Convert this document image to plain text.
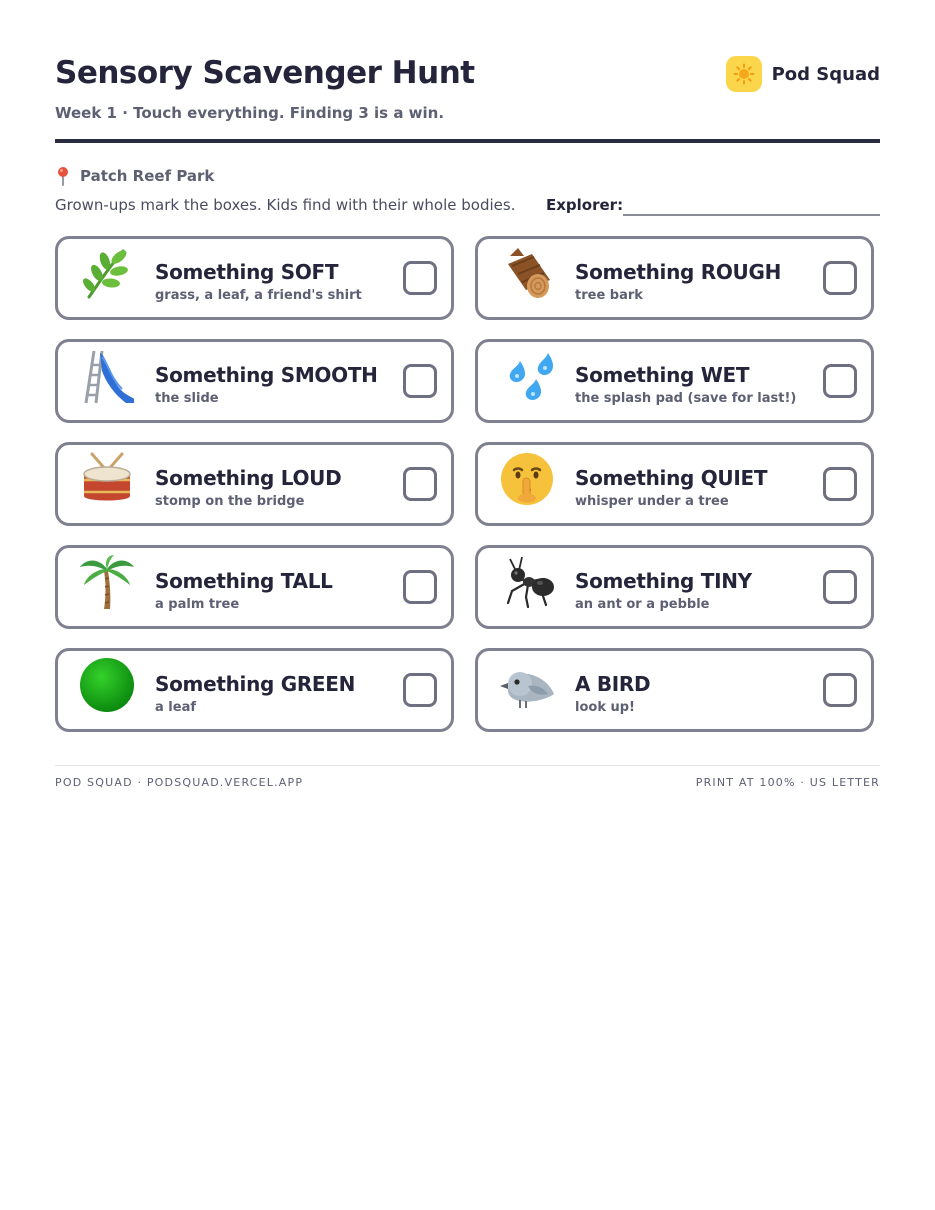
Sensory Scavenger Hunt
Week 1 · Touch everything. Finding 3 is a win.
Pod Squad
Patch Reef Park
Grown-ups mark the boxes. Kids find with their whole bodies. Explorer:
Something SOFT
grass, a leaf, a friend's shirt
Something ROUGH
tree bark
Something SMOOTH
the slide
Something WET
the splash pad (save for last!)
Something LOUD
stomp on the bridge
Something QUIET
whisper under a tree
Something TALL
a palm tree
Something TINY
an ant or a pebble
Something GREEN
a leaf
A BIRD
look up!
POD SQUAD · PODSQUAD.VERCEL.APP	PRINT AT 100% · US LETTER
